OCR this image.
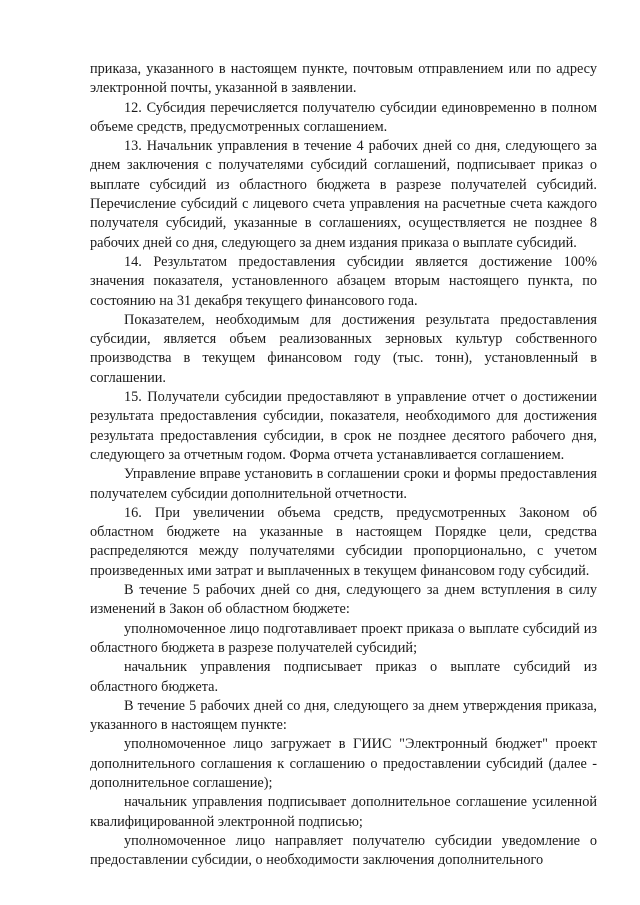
приказа, указанного в настоящем пункте, почтовым отправлением или по адресу электронной почты, указанной в заявлении.

12. Субсидия перечисляется получателю субсидии единовременно в полном объеме средств, предусмотренных соглашением.

13. Начальник управления в течение 4 рабочих дней со дня, следующего за днем заключения с получателями субсидий соглашений, подписывает приказ о выплате субсидий из областного бюджета в разрезе получателей субсидий. Перечисление субсидий с лицевого счета управления на расчетные счета каждого получателя субсидий, указанные в соглашениях, осуществляется не позднее 8 рабочих дней со дня, следующего за днем издания приказа о выплате субсидий.

14. Результатом предоставления субсидии является достижение 100% значения показателя, установленного абзацем вторым настоящего пункта, по состоянию на 31 декабря текущего финансового года.

Показателем, необходимым для достижения результата предоставления субсидии, является объем реализованных зерновых культур собственного производства в текущем финансовом году (тыс. тонн), установленный в соглашении.

15. Получатели субсидии предоставляют в управление отчет о достижении результата предоставления субсидии, показателя, необходимого для достижения результата предоставления субсидии, в срок не позднее десятого рабочего дня, следующего за отчетным годом. Форма отчета устанавливается соглашением.

Управление вправе установить в соглашении сроки и формы предоставления получателем субсидии дополнительной отчетности.

16. При увеличении объема средств, предусмотренных Законом об областном бюджете на указанные в настоящем Порядке цели, средства распределяются между получателями субсидии пропорционально, с учетом произведенных ими затрат и выплаченных в текущем финансовом году субсидий.

В течение 5 рабочих дней со дня, следующего за днем вступления в силу изменений в Закон об областном бюджете:

уполномоченное лицо подготавливает проект приказа о выплате субсидий из областного бюджета в разрезе получателей субсидий;

начальник управления подписывает приказ о выплате субсидий из областного бюджета.

В течение 5 рабочих дней со дня, следующего за днем утверждения приказа, указанного в настоящем пункте:

уполномоченное лицо загружает в ГИИС "Электронный бюджет" проект дополнительного соглашения к соглашению о предоставлении субсидий (далее - дополнительное соглашение);

начальник управления подписывает дополнительное соглашение усиленной квалифицированной электронной подписью;

уполномоченное лицо направляет получателю субсидии уведомление о предоставлении субсидии, о необходимости заключения дополнительного
